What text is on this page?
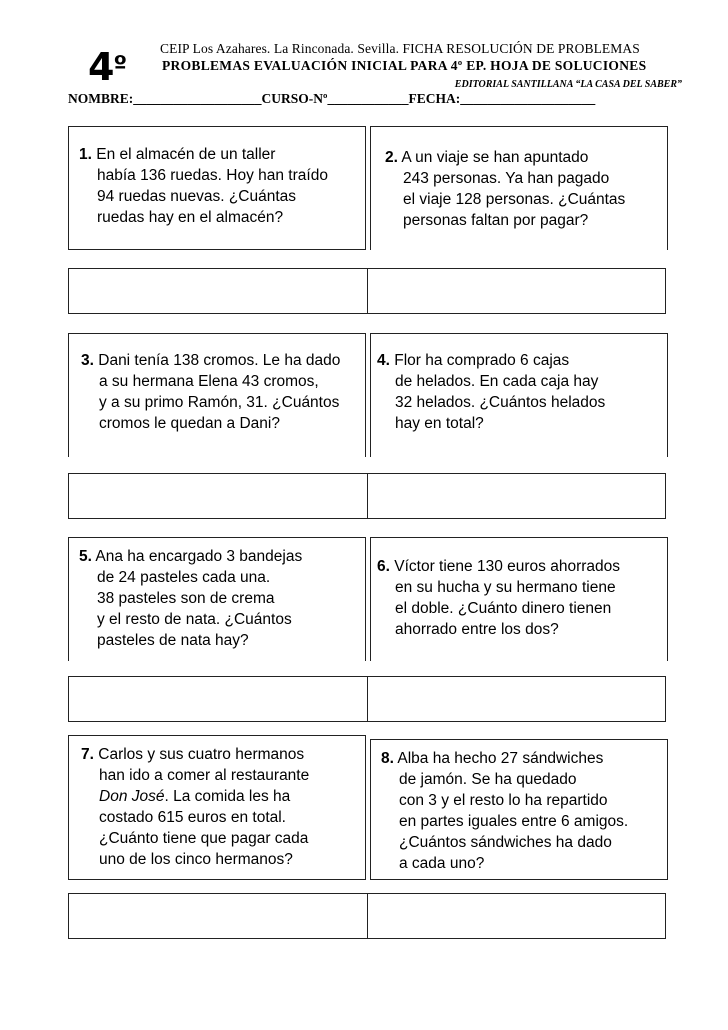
$4^º$
CEIP Los Azahares. La Rinconada. Sevilla. FICHA RESOLUCIÓN DE PROBLEMAS
PROBLEMAS EVALUACIÓN INICIAL PARA 4º EP. HOJA DE SOLUCIONES
EDITORIAL SANTILLANA “LA CASA DEL SABER”
NOMBRE:___________________CURSO-Nº____________FECHA:____________________
1. En el almacén de un taller
había 136 ruedas. Hoy han traído
94 ruedas nuevas. ¿Cuántas
ruedas hay en el almacén?
2. A un viaje se han apuntado
243 personas. Ya han pagado
el viaje 128 personas. ¿Cuántas
personas faltan por pagar?
3. Dani tenía 138 cromos. Le ha dado
a su hermana Elena 43 cromos,
y a su primo Ramón, 31. ¿Cuántos
cromos le quedan a Dani?
4. Flor ha comprado 6 cajas
de helados. En cada caja hay
32 helados. ¿Cuántos helados
hay en total?
5. Ana ha encargado 3 bandejas
de 24 pasteles cada una.
38 pasteles son de crema
y el resto de nata. ¿Cuántos
pasteles de nata hay?
6. Víctor tiene 130 euros ahorrados
en su hucha y su hermano tiene
el doble. ¿Cuánto dinero tienen
ahorrado entre los dos?
7. Carlos y sus cuatro hermanos
han ido a comer al restaurante
Don José. La comida les ha
costado 615 euros en total.
¿Cuánto tiene que pagar cada
uno de los cinco hermanos?
8. Alba ha hecho 27 sándwiches
de jamón. Se ha quedado
con 3 y el resto lo ha repartido
en partes iguales entre 6 amigos.
¿Cuántos sándwiches ha dado
a cada uno?
